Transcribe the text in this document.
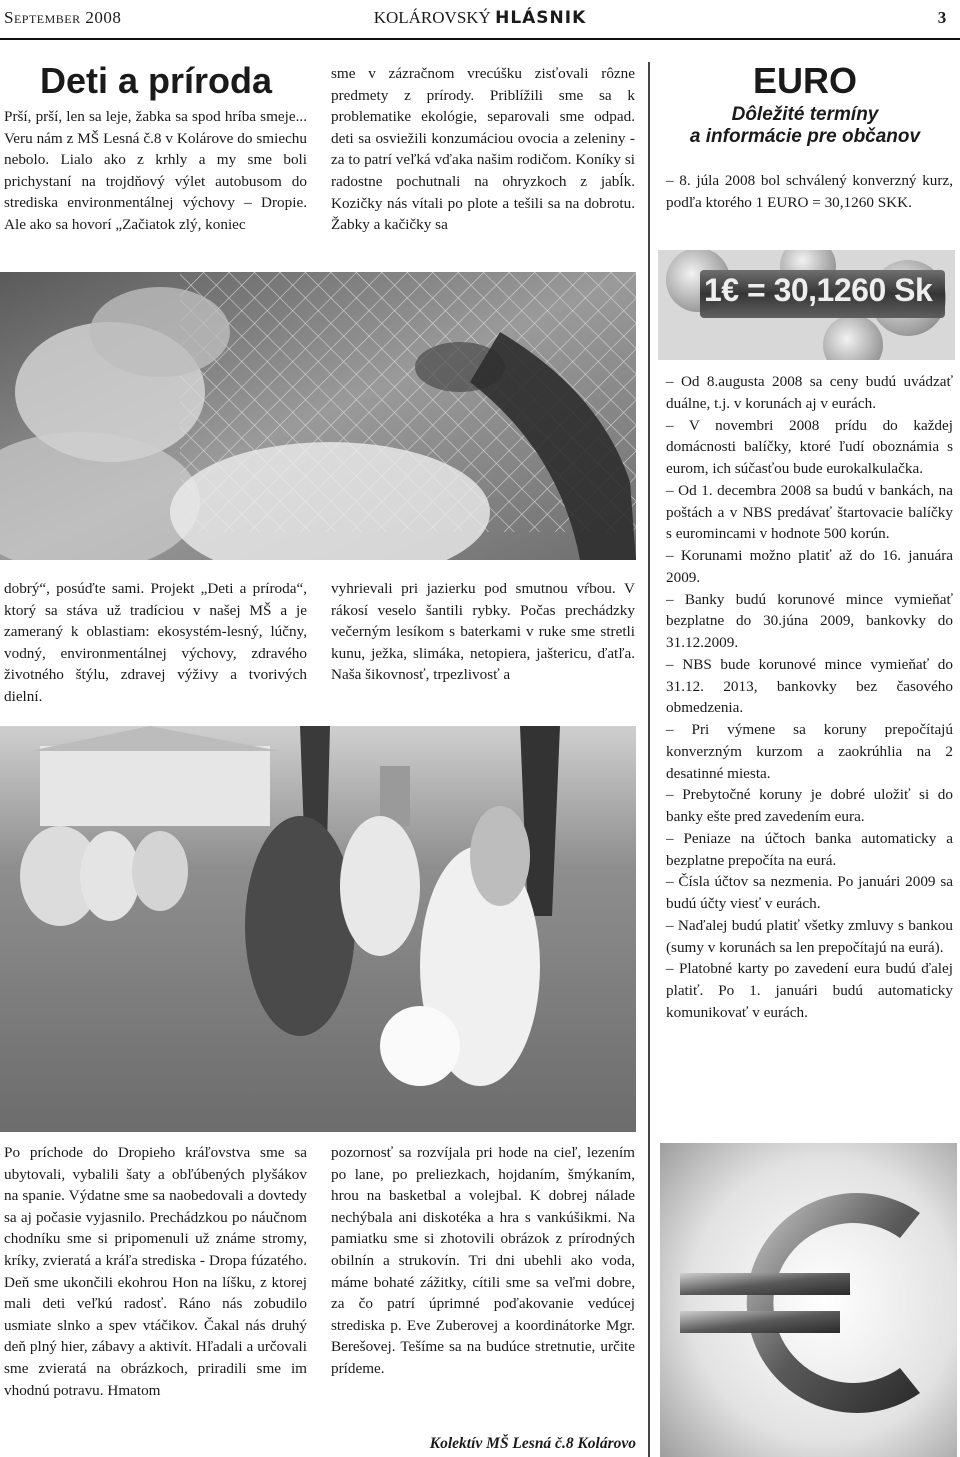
September 2008	KOLÁROVSKÝ HLÁSNIK	3
Deti a príroda

Prší, prší, len sa leje, žabka sa spod hríba smeje... Veru nám z MŠ Lesná č.8 v Kolárove do smiechu nebolo. Lialo ako z krhly a my sme boli prichystaní na trojdňový výlet autobusom do strediska environmentálnej výchovy – Dropie. Ale ako sa hovorí „Začiatok zlý, koniec

sme v zázračnom vrecúšku zisťovali rôzne predmety z prírody. Priblížili sme sa k problematike ekológie, separovali sme odpad. deti sa osviežili konzumáciou ovocia a zeleniny - za to patrí veľká vďaka našim rodičom. Koníky si radostne pochutnali na ohryzkoch z jabĺk. Kozičky nás vítali po plote a tešili sa na dobrotu. Žabky a kačičky sa

dobrý“, posúďte sami. Projekt „Deti a príroda“, ktorý sa stáva už tradíciou v našej MŠ a je zameraný k oblastiam: ekosystém-lesný, lúčny, vodný, environmentálnej výchovy, zdravého životného štýlu, zdravej výživy a tvorivých dielní.

vyhrievali pri jazierku pod smutnou vŕbou. V rákosí veselo šantili rybky. Počas prechádzky večerným lesíkom s baterkami v ruke sme stretli kunu, ježka, slimáka, netopiera, jaštericu, ďatľa. Naša šikovnosť, trpezlivosť a

Po príchode do Dropieho kráľovstva sme sa ubytovali, vybalili šaty a obľúbených plyšákov na spanie. Výdatne sme sa naobedovali a dovtedy sa aj počasie vyjasnilo. Prechádzkou po náučnom chodníku sme si pripomenuli už známe stromy, kríky, zvieratá a kráľa strediska - Dropa fúzatého. Deň sme ukončili ekohrou Hon na líšku, z ktorej mali deti veľkú radosť. Ráno nás zobudilo usmiate slnko a spev vtáčikov. Čakal nás druhý deň plný hier, zábavy a aktivít. Hľadali a určovali sme zvieratá na obrázkoch, priradili sme im vhodnú potravu. Hmatom

pozornosť sa rozvíjala pri hode na cieľ, lezením po lane, po preliezkach, hojdaním, šmýkaním, hrou na basketbal a volejbal. K dobrej nálade nechýbala ani diskotéka a hra s vankúšikmi. Na pamiatku sme si zhotovili obrázok z prírodných obilnín a strukovín. Tri dni ubehli ako voda, máme bohaté zážitky, cítili sme sa veľmi dobre, za čo patrí úprimné poďakovanie vedúcej strediska p. Eve Zuberovej a koordinátorke Mgr. Berešovej. Tešíme sa na budúce stretnutie, určite prídeme.

Kolektív MŠ Lesná č.8 Kolárovo
EURO
Dôležité termíny
a informácie pre občanov

– 8. júla 2008 bol schválený konverzný kurz, podľa ktorého 1 EURO = 30,1260 SKK.

1€ = 30,1260 Sk

– Od 8.augusta 2008 sa ceny budú uvádzať duálne, t.j. v korunách aj v eurách.

– V novembri 2008 prídu do každej domácnosti balíčky, ktoré ľudí oboznámia s eurom, ich súčasťou bude eurokalkulačka.

– Od 1. decembra 2008 sa budú v bankách, na poštách a v NBS predávať štartovacie balíčky s euromincami v hodnote 500 korún.

– Korunami možno platiť až do 16. januára 2009.

– Banky budú korunové mince vymieňať bezplatne do 30.júna 2009, bankovky do 31.12.2009.

– NBS bude korunové mince vymieňať do 31.12. 2013, bankovky bez časového obmedzenia.

– Pri výmene sa koruny prepočítajú konverzným kurzom a zaokrúhlia na 2 desatinné miesta.

– Prebytočné koruny je dobré uložiť si do banky ešte pred zavedením eura.

– Peniaze na účtoch banka automaticky a bezplatne prepočíta na eurá.

– Čísla účtov sa nezmenia. Po januári 2009 sa budú účty viesť v eurách.

– Naďalej budú platiť všetky zmluvy s bankou (sumy v korunách sa len prepočítajú na eurá).

– Platobné karty po zavedení eura budú ďalej platiť. Po 1. januári budú automaticky komunikovať v eurách.
